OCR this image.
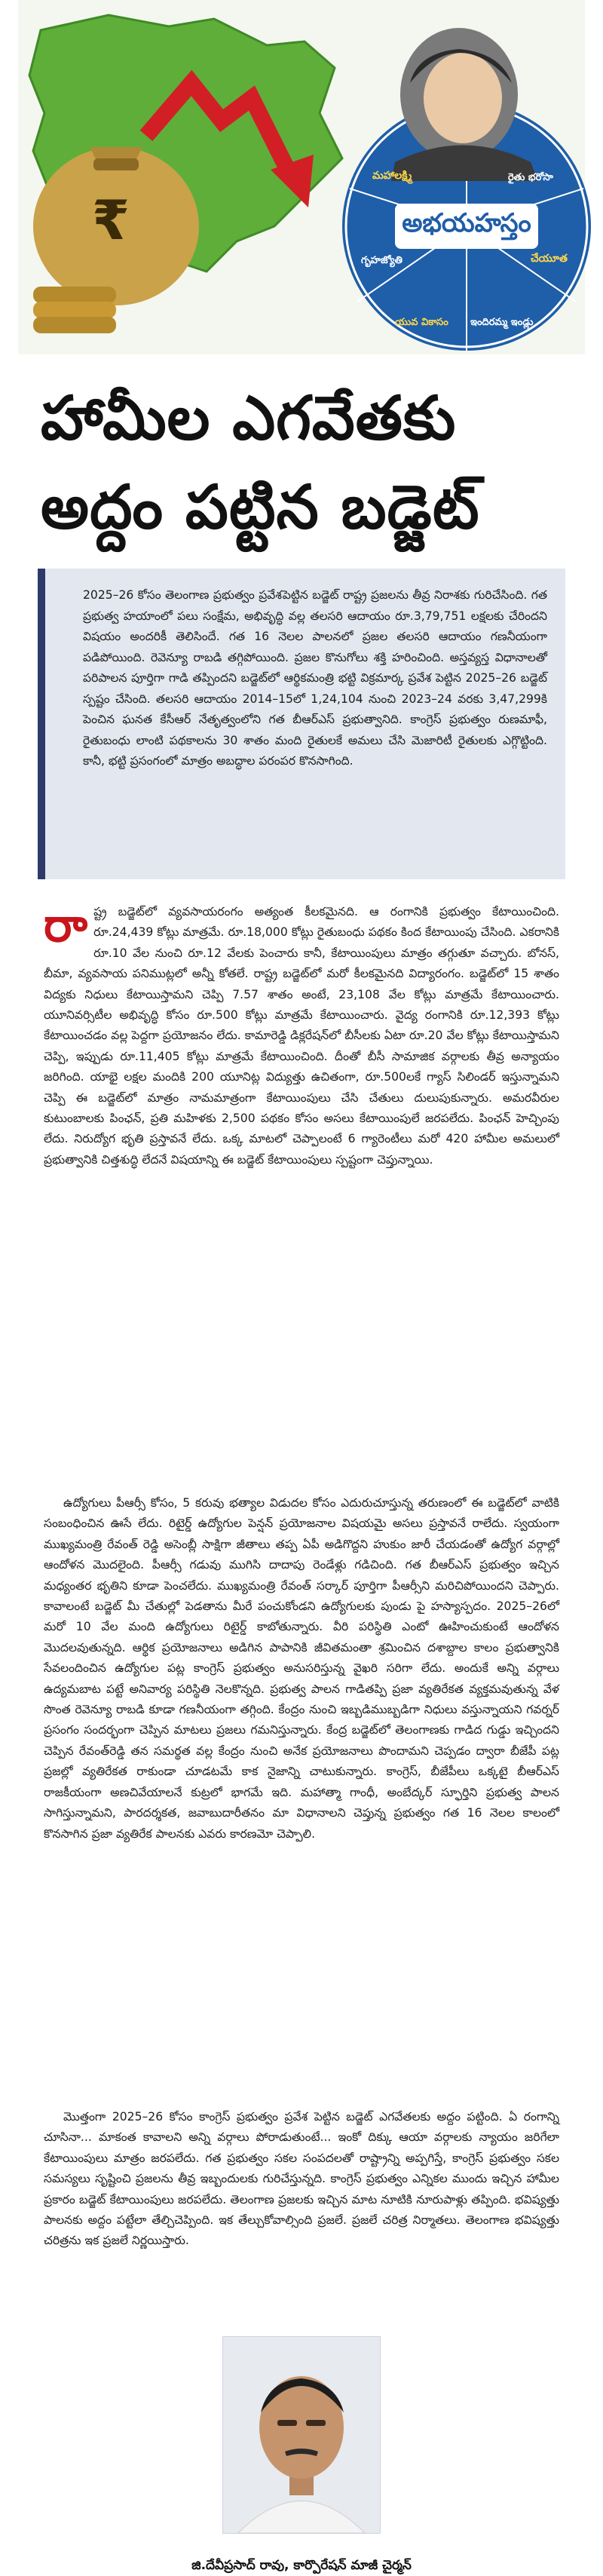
₹	అభయహస్తం
మహాలక్ష్మి	రైతు భరోసా
చేయూత
ఇందిరమ్మ ఇండ్లు
యువ వికాసం
గృహజ్యోతి
హామీల ఎగవేతకు
అద్దం పట్టిన బడ్జెట్
2025–26 కోసం తెలంగాణ ప్రభుత్వం ప్రవేశపెట్టిన బడ్జెట్ రాష్ట్ర ప్రజలను తీవ్ర నిరాశకు గురిచేసింది. గత ప్రభుత్వ హయాంలో పలు సంక్షేమ, అభివృద్ధి వల్ల తలసరి ఆదాయం రూ.3,79,751 లక్షలకు చేరిందని విషయం అందరికీ తెలిసిందే. గత 16 నెలల పాలనలో ప్రజల తలసరి ఆదాయం గణనీయంగా పడిపోయింది. రెవెన్యూ రాబడి తగ్గిపోయింది. ప్రజల కొనుగోలు శక్తి హరించింది. అస్తవ్యస్త విధానాలతో పరిపాలన పూర్తిగా గాడి తప్పిందని బడ్జెట్‌లో ఆర్థికమంత్రి భట్టి విక్రమార్క ప్రవేశ పెట్టిన 2025–26 బడ్జెట్ స్పష్టం చేసింది. తలసరి ఆదాయం 2014–15లో 1,24,104 నుంచి 2023–24 వరకు 3,47,299కి పెంచిన ఘనత కేసీఆర్ నేతృత్వంలోని గత బీఆర్ఎస్ ప్రభుత్వానిది. కాంగ్రెస్ ప్రభుత్వం రుణమాఫీ, రైతుబంధు లాంటి పథకాలను 30 శాతం మంది రైతులకే అమలు చేసి మెజారిటీ రైతులకు ఎగ్గొట్టింది. కానీ, భట్టి ప్రసంగంలో మాత్రం అబద్ధాల పరంపర కొనసాగింది.
రా ష్ట్ర బడ్జెట్‌లో వ్యవసాయరంగం అత్యంత కీలకమైనది. ఆ రంగానికి ప్రభుత్వం కేటాయించింది. రూ.24,439 కోట్లు మాత్రమే. రూ.18,000 కోట్లు రైతుబంధు పథకం కింద కేటాయింపు చేసింది. ఎకరానికి రూ.10 వేల నుంచి రూ.12 వేలకు పెంచారు కానీ, కేటాయింపులు మాత్రం తగ్గుతూ వచ్చారు. బోనస్, బీమా, వ్యవసాయ పనిముట్లలో అన్నీ కోతలే. రాష్ట్ర బడ్జెట్‌లో మరో కీలకమైనది విద్యారంగం. బడ్జెట్‌లో 15 శాతం విద్యకు నిధులు కేటాయిస్తామని చెప్పి 7.57 శాతం అంటే, 23,108 వేల కోట్లు మాత్రమే కేటాయించారు. యూనివర్సిటీల అభివృద్ధి కోసం రూ.500 కోట్లు మాత్రమే కేటాయించారు. వైద్య రంగానికి రూ.12,393 కోట్లు కేటాయించడం వల్ల పెద్దగా ప్రయోజనం లేదు. కామారెడ్డి డిక్లరేషన్‌లో బీసీలకు ఏటా రూ.20 వేల కోట్లు కేటాయిస్తామని చెప్పి, ఇప్పుడు రూ.11,405 కోట్లు మాత్రమే కేటాయించింది. దీంతో బీసీ సామాజిక వర్గాలకు తీవ్ర అన్యాయం జరిగింది. యాభై లక్షల మందికి 200 యూనిట్ల విద్యుత్తు ఉచితంగా, రూ.500లకే గ్యాస్ సిలిండర్ ఇస్తున్నామని చెప్పి ఈ బడ్జెట్‌లో మాత్రం నామమాత్రంగా కేటాయింపులు చేసి చేతులు దులుపుకున్నారు. అమరవీరుల కుటుంబాలకు పింఛన్, ప్రతి మహిళకు 2,500 పథకం కోసం అసలు కేటాయింపులే జరపలేదు. పింఛన్ హెచ్చింపు లేదు. నిరుద్యోగ భృతి ప్రస్తావనే లేదు. ఒక్క మాటలో చెప్పాలంటే 6 గ్యారెంటీలు మరో 420 హామీల అమలులో ప్రభుత్వానికి చిత్తశుద్ధి లేదనే విషయాన్ని ఈ బడ్జెట్ కేటాయింపులు స్పష్టంగా చెప్తున్నాయి.
ఉద్యోగులు పీఆర్సీ కోసం, 5 కరువు భత్యాల విడుదల కోసం ఎదురుచూస్తున్న తరుణంలో ఈ బడ్జెట్‌లో వాటికి సంబంధించిన ఊసే లేదు. రిటైర్డ్ ఉద్యోగుల పెన్షన్ ప్రయోజనాల విషయమై అసలు ప్రస్తావనే రాలేదు. స్వయంగా ముఖ్యమంత్రి రేవంత్ రెడ్డి అసెంబ్లీ సాక్షిగా జీతాలు తప్ప ఏపీ అడిగొద్దని హుకుం జారీ చేయడంతో ఉద్యోగ వర్గాల్లో ఆందోళన మొదలైంది. పీఆర్సీ గడువు ముగిసి దాదాపు రెండేళ్లు గడిచింది. గత బీఆర్ఎస్ ప్రభుత్వం ఇచ్చిన మధ్యంతర భృతిని కూడా పెంచలేదు. ముఖ్యమంత్రి రేవంత్ సర్కార్ పూర్తిగా పీఆర్సీని మరిచిపోయిందని చెప్పారు. కావాలంటే బడ్జెట్ మీ చేతుల్లో పెడతాను మీరే పంచుకోండని ఉద్యోగులకు పుండు పై హస్యాస్పదం. 2025–26లో మరో 10 వేల మంది ఉద్యోగులు రిటైర్డ్ కాబోతున్నారు. వీరి పరిస్థితి ఎంటో ఊహించుకుంటే ఆందోళన మొదలవుతున్నది. ఆర్థిక ప్రయోజనాలు అడిగిన పాపానికి జీవితమంతా శ్రమించిన దశాబ్దాల కాలం ప్రభుత్వానికి సేవలందించిన ఉద్యోగుల పట్ల కాంగ్రెస్ ప్రభుత్వం అనుసరిస్తున్న వైఖరి సరిగా లేదు. అందుకే అన్ని వర్గాలు ఉద్యమబాట పట్టే అనివార్య పరిస్థితి నెలకొన్నది. ప్రభుత్వ పాలన గాడితప్పి ప్రజా వ్యతిరేకత వ్యక్తమవుతున్న వేళ సొంత రెవెన్యూ రాబడి కూడా గణనీయంగా తగ్గింది. కేంద్రం నుంచి ఇబ్బడిముబ్బడిగా నిధులు వస్తున్నాయని గవర్నర్ ప్రసంగం సందర్భంగా చెప్పిన మాటలు ప్రజలు గమనిస్తున్నారు. కేంద్ర బడ్జెట్‌లో తెలంగాణకు గాడిద గుడ్డు ఇచ్చిందని చెప్పిన రేవంత్‌రెడ్డి తన సమర్థత వల్ల కేంద్రం నుంచి అనేక ప్రయోజనాలు పొందామని చెప్పడం ద్వారా బీజేపీ పట్ల ప్రజల్లో వ్యతిరేకత రాకుండా చూడటమే కాక నైజాన్ని చాటుకున్నారు. కాంగ్రెస్, బీజేపీలు ఒక్కటై బీఆర్ఎస్ రాజకీయంగా అణచివేయాలనే కుట్రలో భాగమే ఇది. మహాత్మా గాంధీ, అంబేద్కర్ స్ఫూర్తిని ప్రభుత్వ పాలన సాగిస్తున్నామని, పారదర్శకత, జవాబుదారీతనం మా విధానాలని చెప్తున్న ప్రభుత్వం గత 16 నెలల కాలంలో కొనసాగిన ప్రజా వ్యతిరేక పాలనకు ఎవరు కారణమో చెప్పాలి.
మొత్తంగా 2025–26 కోసం కాంగ్రెస్ ప్రభుత్వం ప్రవేశ పెట్టిన బడ్జెట్ ఎగవేతలకు అద్దం పట్టింది. ఏ రంగాన్ని చూసినా... మాకంత కావాలని అన్ని వర్గాలు పోరాడుతుంటే... ఇంకో దిక్కు ఆయా వర్గాలకు న్యాయం జరిగేలా కేటాయింపులు మాత్రం జరపలేదు. గత ప్రభుత్వం సకల సంపదలతో రాష్ట్రాన్ని అప్పగిస్తే, కాంగ్రెస్ ప్రభుత్వం సకల సమస్యలు సృష్టించి ప్రజలను తీవ్ర ఇబ్బందులకు గురిచేస్తున్నది. కాంగ్రెస్ ప్రభుత్వం ఎన్నికల ముందు ఇచ్చిన హామీల ప్రకారం బడ్జెట్ కేటాయింపులు జరపలేదు. తెలంగాణ ప్రజలకు ఇచ్చిన మాట నూటికి నూరుపాళ్లు తప్పింది. భవిష్యత్తు పాలనకు అద్దం పట్టేలా తేల్చిచెప్పింది. ఇక తేల్చుకోవాల్సింది ప్రజలే. ప్రజలే చరిత్ర నిర్మాతలు. తెలంగాణ భవిష్యత్తు చరిత్రను ఇక ప్రజలే నిర్ణయిస్తారు.
జి.దేవీప్రసాద్ రావు, కార్పొరేషన్ మాజీ చైర్మన్
